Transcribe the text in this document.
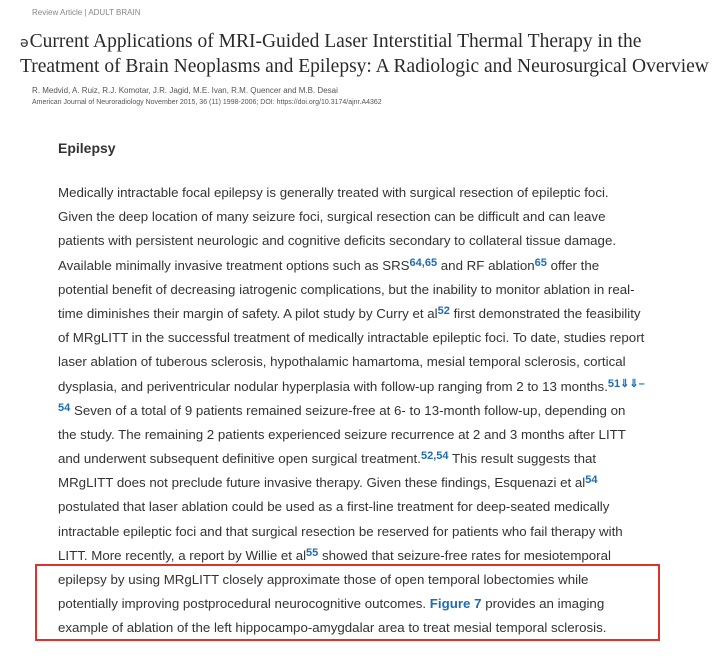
Review Article | ADULT BRAIN
əCurrent Applications of MRI-Guided Laser Interstitial Thermal Therapy in the Treatment of Brain Neoplasms and Epilepsy: A Radiologic and Neurosurgical Overview
R. Medvid, A. Ruiz, R.J. Komotar, J.R. Jagid, M.E. Ivan, R.M. Quencer and M.B. Desai
American Journal of Neuroradiology November 2015, 36 (11) 1998-2006; DOI: https://doi.org/10.3174/ajnr.A4362
Epilepsy
Medically intractable focal epilepsy is generally treated with surgical resection of epileptic foci.
Given the deep location of many seizure foci, surgical resection can be difficult and can leave
patients with persistent neurologic and cognitive deficits secondary to collateral tissue damage.
Available minimally invasive treatment options such as SRS$^{64,65}$ and RF ablation$^{65}$ offer the
potential benefit of decreasing iatrogenic complications, but the inability to monitor ablation in real-
time diminishes their margin of safety. A pilot study by Curry et al$^{52}$ first demonstrated the feasibility
of MRgLITT in the successful treatment of medically intractable epileptic foci. To date, studies report
laser ablation of tuberous sclerosis, hypothalamic hamartoma, mesial temporal sclerosis, cortical
dysplasia, and periventricular nodular hyperplasia with follow-up ranging from 2 to 13 months.$^{51⇓⇓-}$
$^{54}$ Seven of a total of 9 patients remained seizure-free at 6- to 13-month follow-up, depending on
the study. The remaining 2 patients experienced seizure recurrence at 2 and 3 months after LITT
and underwent subsequent definitive open surgical treatment.$^{52,54}$ This result suggests that
MRgLITT does not preclude future invasive therapy. Given these findings, Esquenazi et al$^{54}$
postulated that laser ablation could be used as a first-line treatment for deep-seated medically
intractable epileptic foci and that surgical resection be reserved for patients who fail therapy with
LITT. More recently, a report by Willie et al$^{55}$ showed that seizure-free rates for mesiotemporal
epilepsy by using MRgLITT closely approximate those of open temporal lobectomies while
potentially improving postprocedural neurocognitive outcomes. Figure 7 provides an imaging
example of ablation of the left hippocampo-amygdalar area to treat mesial temporal sclerosis.
